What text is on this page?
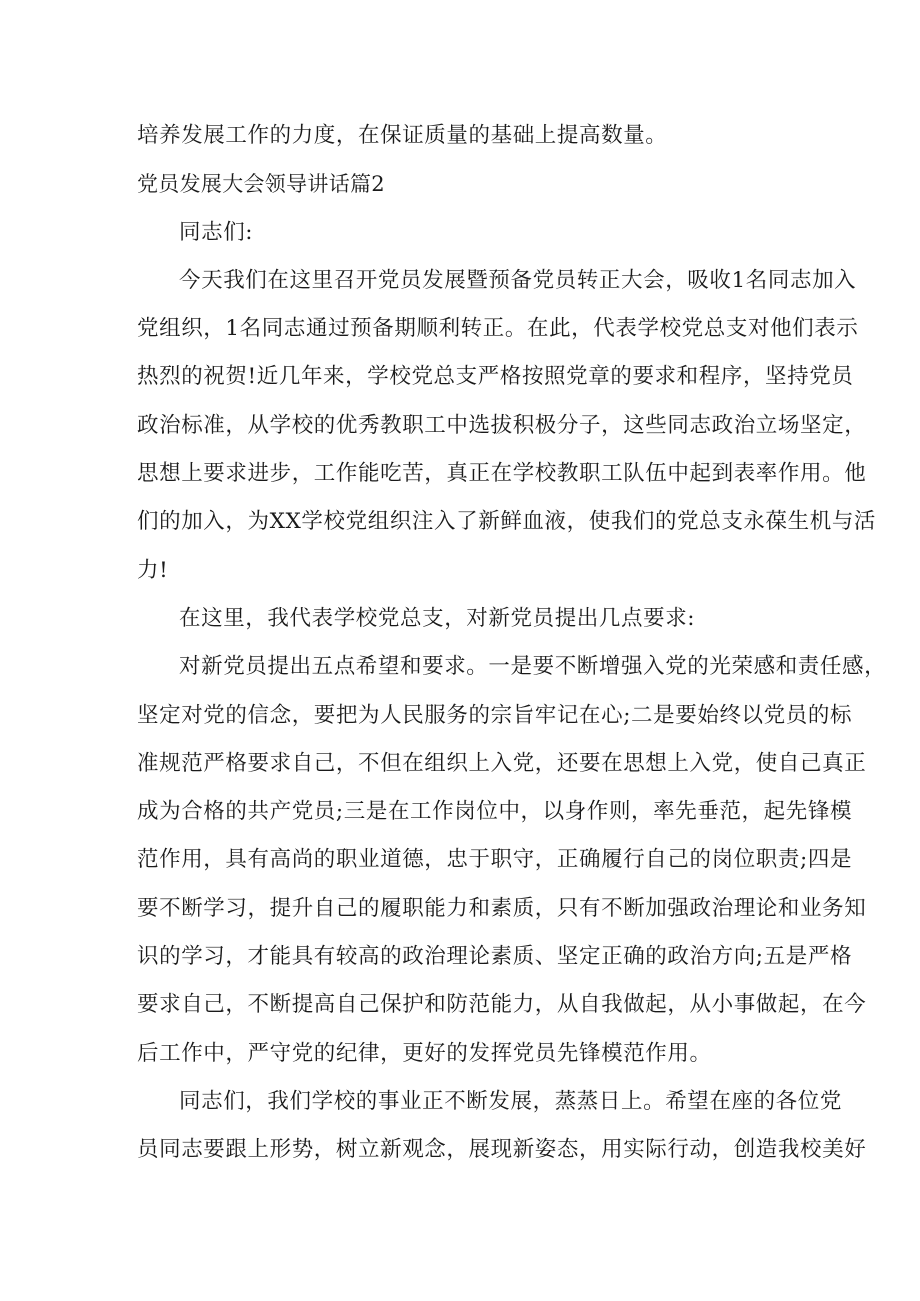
培养发展工作的力度，在保证质量的基础上提高数量。
党员发展大会领导讲话篇2
同志们:
今天我们在这里召开党员发展暨预备党员转正大会，吸收1名同志加入
党组织，1名同志通过预备期顺利转正。在此，代表学校党总支对他们表示
热烈的祝贺!近几年来，学校党总支严格按照党章的要求和程序，坚持党员
政治标准，从学校的优秀教职工中选拔积极分子，这些同志政治立场坚定，
思想上要求进步，工作能吃苦，真正在学校教职工队伍中起到表率作用。他
们的加入，为XX学校党组织注入了新鲜血液，使我们的党总支永葆生机与活
力!
在这里，我代表学校党总支，对新党员提出几点要求:
对新党员提出五点希望和要求。一是要不断增强入党的光荣感和责任感，
坚定对党的信念，要把为人民服务的宗旨牢记在心;二是要始终以党员的标
准规范严格要求自己，不但在组织上入党，还要在思想上入党，使自己真正
成为合格的共产党员;三是在工作岗位中，以身作则，率先垂范，起先锋模
范作用，具有高尚的职业道德，忠于职守，正确履行自己的岗位职责;四是
要不断学习，提升自己的履职能力和素质，只有不断加强政治理论和业务知
识的学习，才能具有较高的政治理论素质、坚定正确的政治方向;五是严格
要求自己，不断提高自己保护和防范能力，从自我做起，从小事做起，在今
后工作中，严守党的纪律，更好的发挥党员先锋模范作用。
同志们，我们学校的事业正不断发展，蒸蒸日上。希望在座的各位党
员同志要跟上形势，树立新观念，展现新姿态，用实际行动，创造我校美好
